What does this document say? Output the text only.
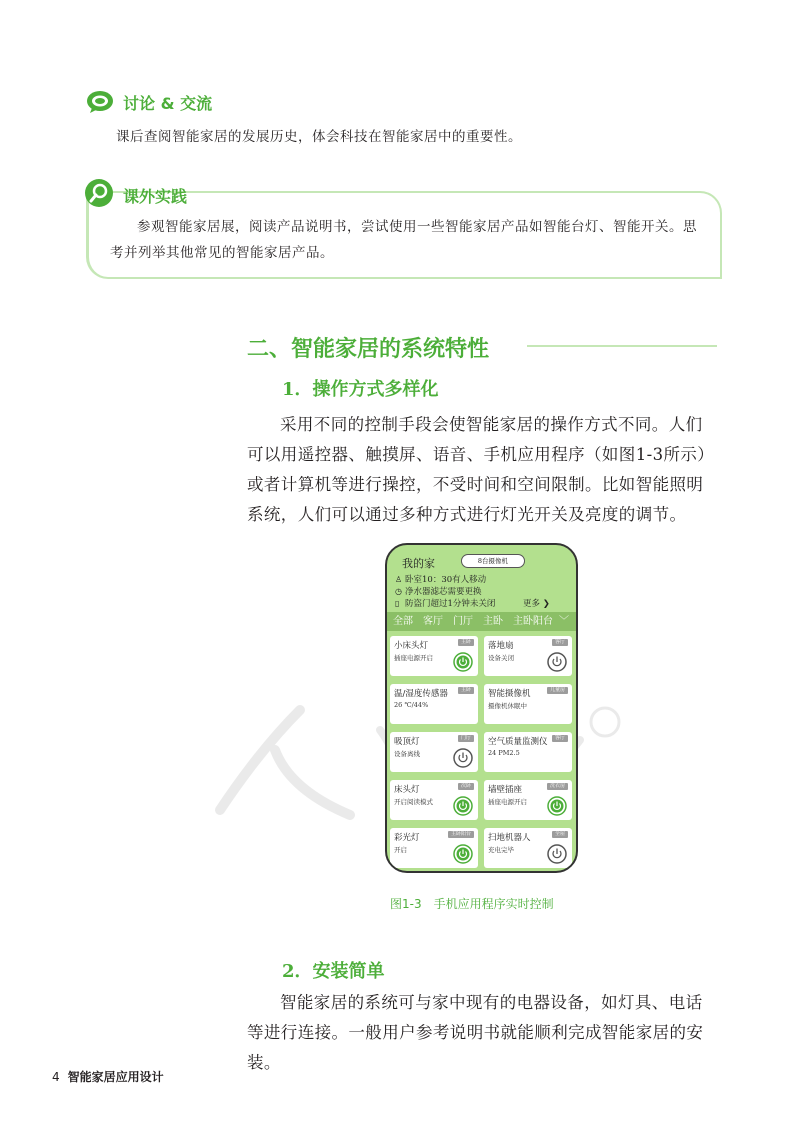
讨论 & 交流
课后查阅智能家居的发展历史，体会科技在智能家居中的重要性。
课外实践
参观智能家居展，阅读产品说明书，尝试使用一些智能家居产品如智能台灯、智能开关。思考并列举其他常见的智能家居产品。
二、智能家居的系统特性
1．操作方式多样化
采用不同的控制手段会使智能家居的操作方式不同。人们可以用遥控器、触摸屏、语音、手机应用程序（如图1-3所示）或者计算机等进行操控，不受时间和空间限制。比如智能照明系统，人们可以通过多种方式进行灯光开关及亮度的调节。
我的家	8台摄像机
♙ 卧室10：30有人移动
◷ 净水器滤芯需要更换
▯ 防盗门超过1分钟未关闭	更多 ❯
全部 客厅 门厅 主卧 主卧阳台 ﹀
小床头灯
插座电源开启
主卧	落地扇
设备关闭
客厅
温/湿度传感器
26 ℃/44%
主卧	智能摄像机
摄像机休眠中
儿童房
吸顶灯
设备离线
门厅	空气质量监测仪
24 PM2.5
客厅
床头灯
开启阅读模式
次卧	墙壁插座
插座电源开启
洗衣房
彩光灯
开启
主卧阳台	扫地机器人
充电完毕
全屋
图1-3 手机应用程序实时控制
2．安装简单
智能家居的系统可与家中现有的电器设备，如灯具、电话等进行连接。一般用户参考说明书就能顺利完成智能家居的安装。
4 智能家居应用设计
